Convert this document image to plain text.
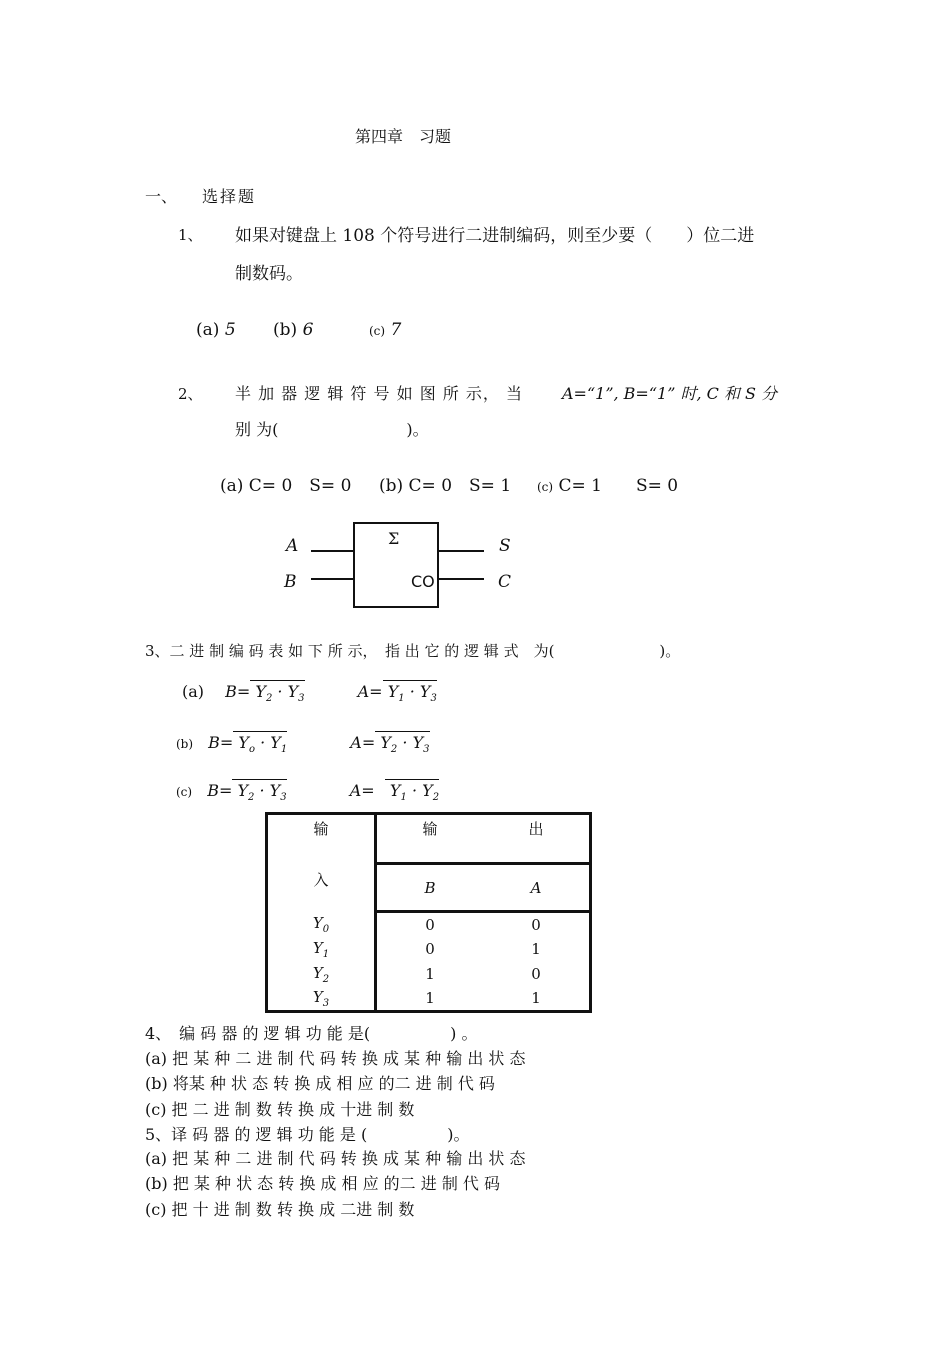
第四章　习题
一、 选择题
1、 如果对键盘上 108 个符号进行二进制编码，则至少要（　　）位二进
制数码。
(a) 5 (b) 6	(c) 7
2、 半 加 器 逻 辑 符 号 如 图 所 示， 当 A=“1”, B=“1” 时, C 和 S 分
别 为(　　　　　　　　)。
(a) C= 0　S= 0 (b) C= 0　S= 1 (c) C= 1　　S= 0
Σ
CO
A
B
S
C
3、二 进 制 编 码 表 如 下 所 示，　指 出 它 的 逻 辑 式　为(　　　　　　　)。
(a) $B= Y_2 \cdot Y_3$	$A= Y_1 \cdot Y_3$
(b) $B= Y_o \cdot Y_1$	$A= Y_2 \cdot Y_3$
(c) $B= Y_2 \cdot Y_3$	$A= Y_1 \cdot Y_2$
输
入	输	出
	B	A
$Y_0$	0	0
$Y_1$	0	1
$Y_2$	1	0
$Y_3$	1	1
4、　编 码 器 的 逻 辑 功 能 是(　　　　　) 。
(a) 把 某 种 二 进 制 代 码 转 换 成 某 种 输 出 状 态
(b) 将某 种 状 态 转 换 成 相 应 的二 进 制 代 码
(c) 把 二 进 制 数 转 换 成 十进 制 数
5、译 码 器 的 逻 辑 功 能 是 (　　　　　)。
(a) 把 某 种 二 进 制 代 码 转 换 成 某 种 输 出 状 态
(b) 把 某 种 状 态 转 换 成 相 应 的二 进 制 代 码
(c) 把 十 进 制 数 转 换 成 二进 制 数
